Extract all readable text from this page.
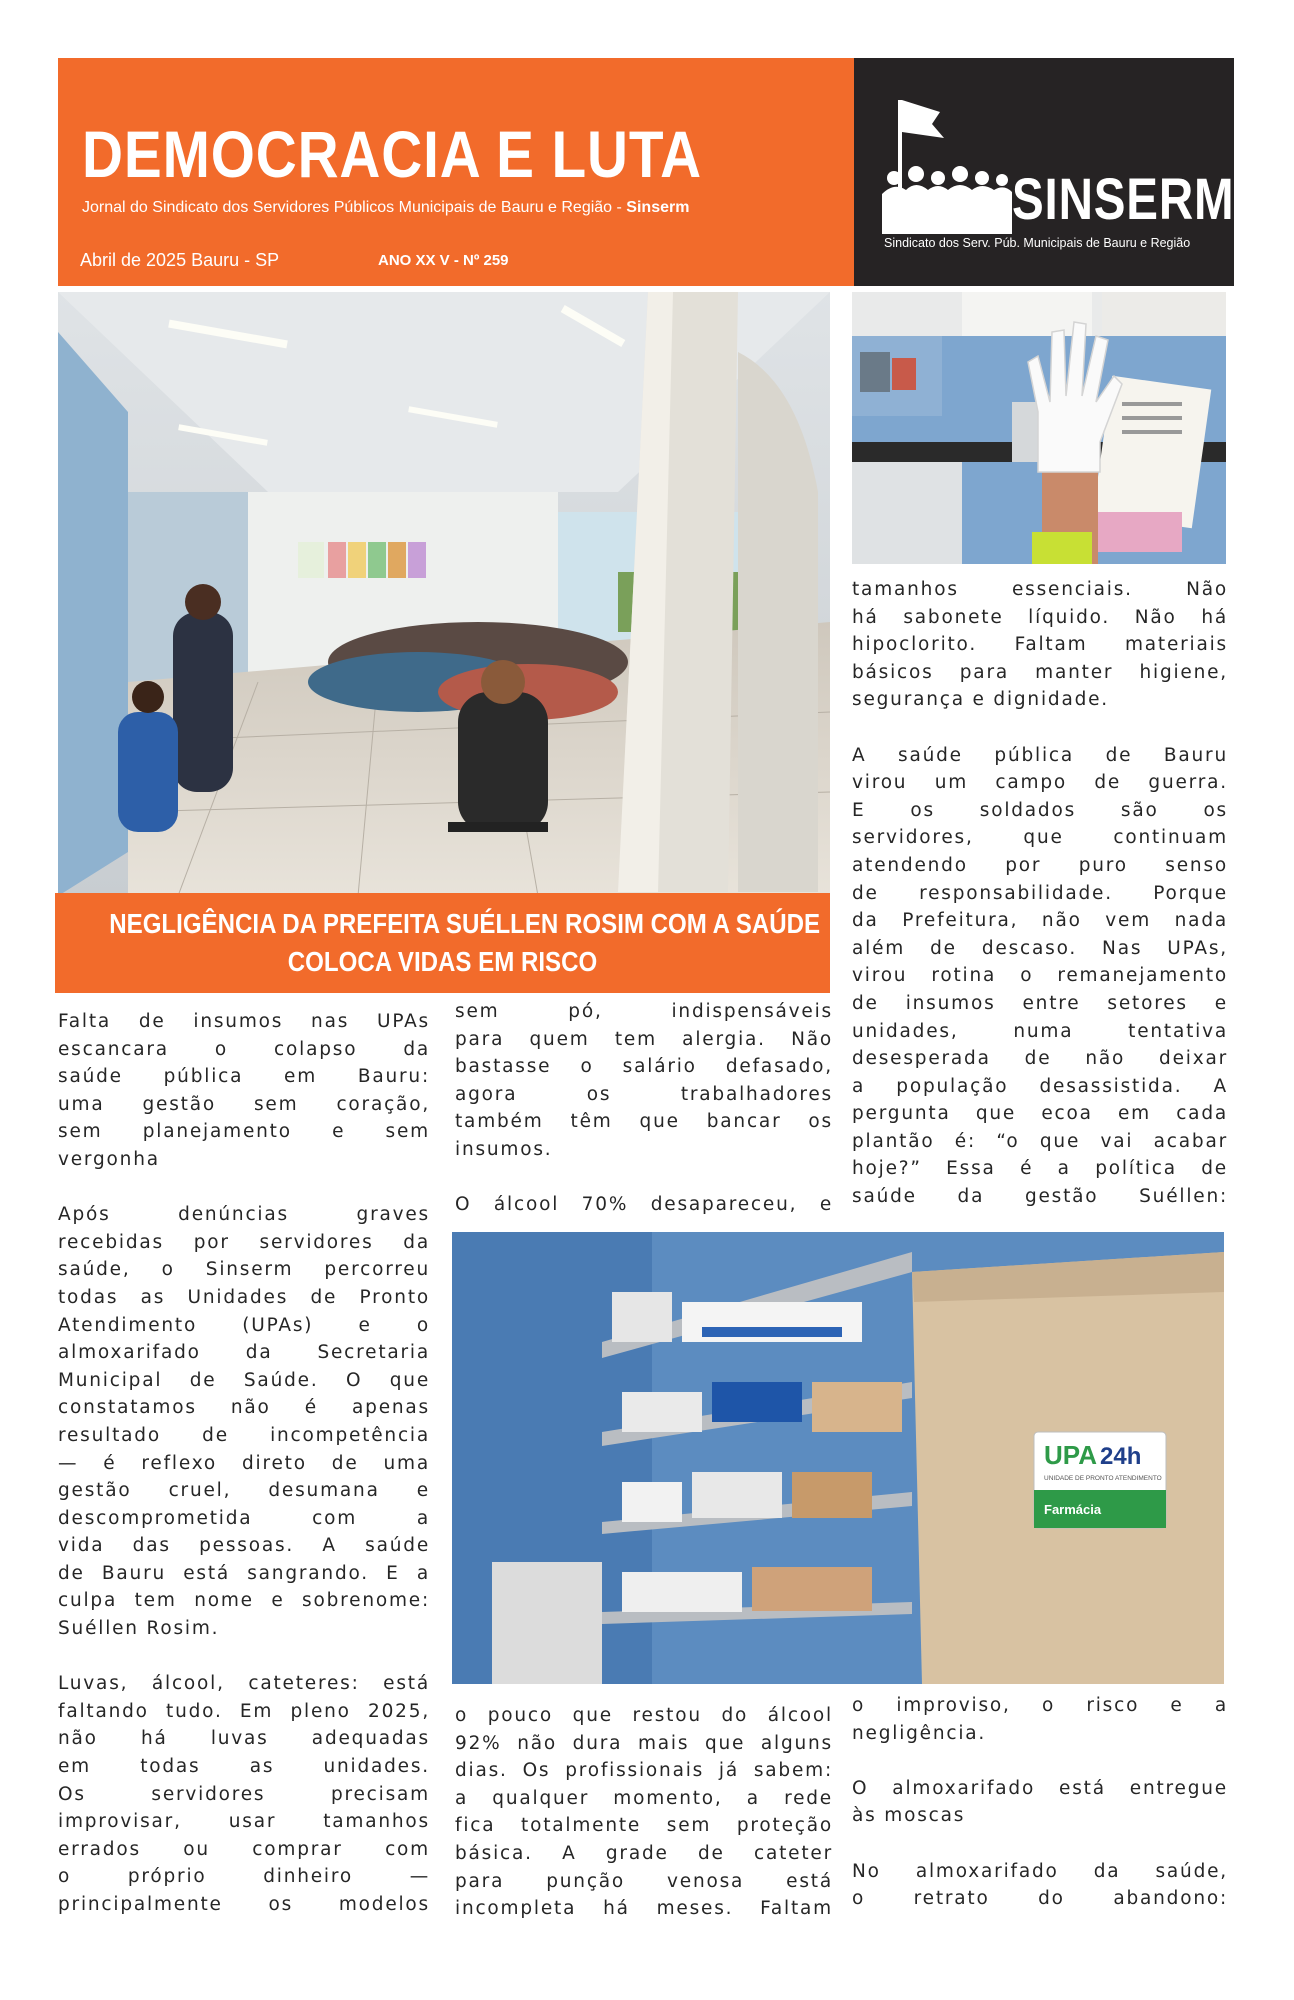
DEMOCRACIA E LUTA
Jornal do Sindicato dos Servidores Públicos Municipais de Bauru e Região - Sinserm
Abril de 2025 Bauru - SP	ANO XX V - Nº 259
SINSERM
Sindicato dos Serv. Púb. Municipais de Bauru e Região
NEGLIGÊNCIA DA PREFEITA SUÉLLEN ROSIM COM A SAÚDE
COLOCA VIDAS EM RISCO
UPA 24h
UNIDADE DE PRONTO ATENDIMENTO
Farmácia

Falta de insumos nas UPAs

escancara o colapso da

saúde pública em Bauru:

uma gestão sem coração,

sem planejamento e sem

vergonha

Após denúncias graves

recebidas por servidores da

saúde, o Sinserm percorreu

todas as Unidades de Pronto

Atendimento (UPAs) e o

almoxarifado da Secretaria

Municipal de Saúde. O que

constatamos não é apenas

resultado de incompetência

— é reflexo direto de uma

gestão cruel, desumana e

descomprometida com a

vida das pessoas. A saúde

de Bauru está sangrando. E a

culpa tem nome e sobrenome:

Suéllen Rosim.

Luvas, álcool, cateteres: está

faltando tudo. Em pleno 2025,

não há luvas adequadas

em todas as unidades.

Os servidores precisam

improvisar, usar tamanhos

errados ou comprar com

o próprio dinheiro —

principalmente os modelos

sem pó, indispensáveis

para quem tem alergia. Não

bastasse o salário defasado,

agora os trabalhadores

também têm que bancar os

insumos.

O álcool 70% desapareceu, e

o pouco que restou do álcool

92% não dura mais que alguns

dias. Os profissionais já sabem:

a qualquer momento, a rede

fica totalmente sem proteção

básica. A grade de cateter

para punção venosa está

incompleta há meses. Faltam

tamanhos essenciais. Não

há sabonete líquido. Não há

hipoclorito. Faltam materiais

básicos para manter higiene,

segurança e dignidade.

A saúde pública de Bauru

virou um campo de guerra.

E os soldados são os

servidores, que continuam

atendendo por puro senso

de responsabilidade. Porque

da Prefeitura, não vem nada

além de descaso. Nas UPAs,

virou rotina o remanejamento

de insumos entre setores e

unidades, numa tentativa

desesperada de não deixar

a população desassistida. A

pergunta que ecoa em cada

plantão é: “o que vai acabar

hoje?” Essa é a política de

saúde da gestão Suéllen:

o improviso, o risco e a

negligência.

O almoxarifado está entregue

às moscas

No almoxarifado da saúde,

o retrato do abandono:
